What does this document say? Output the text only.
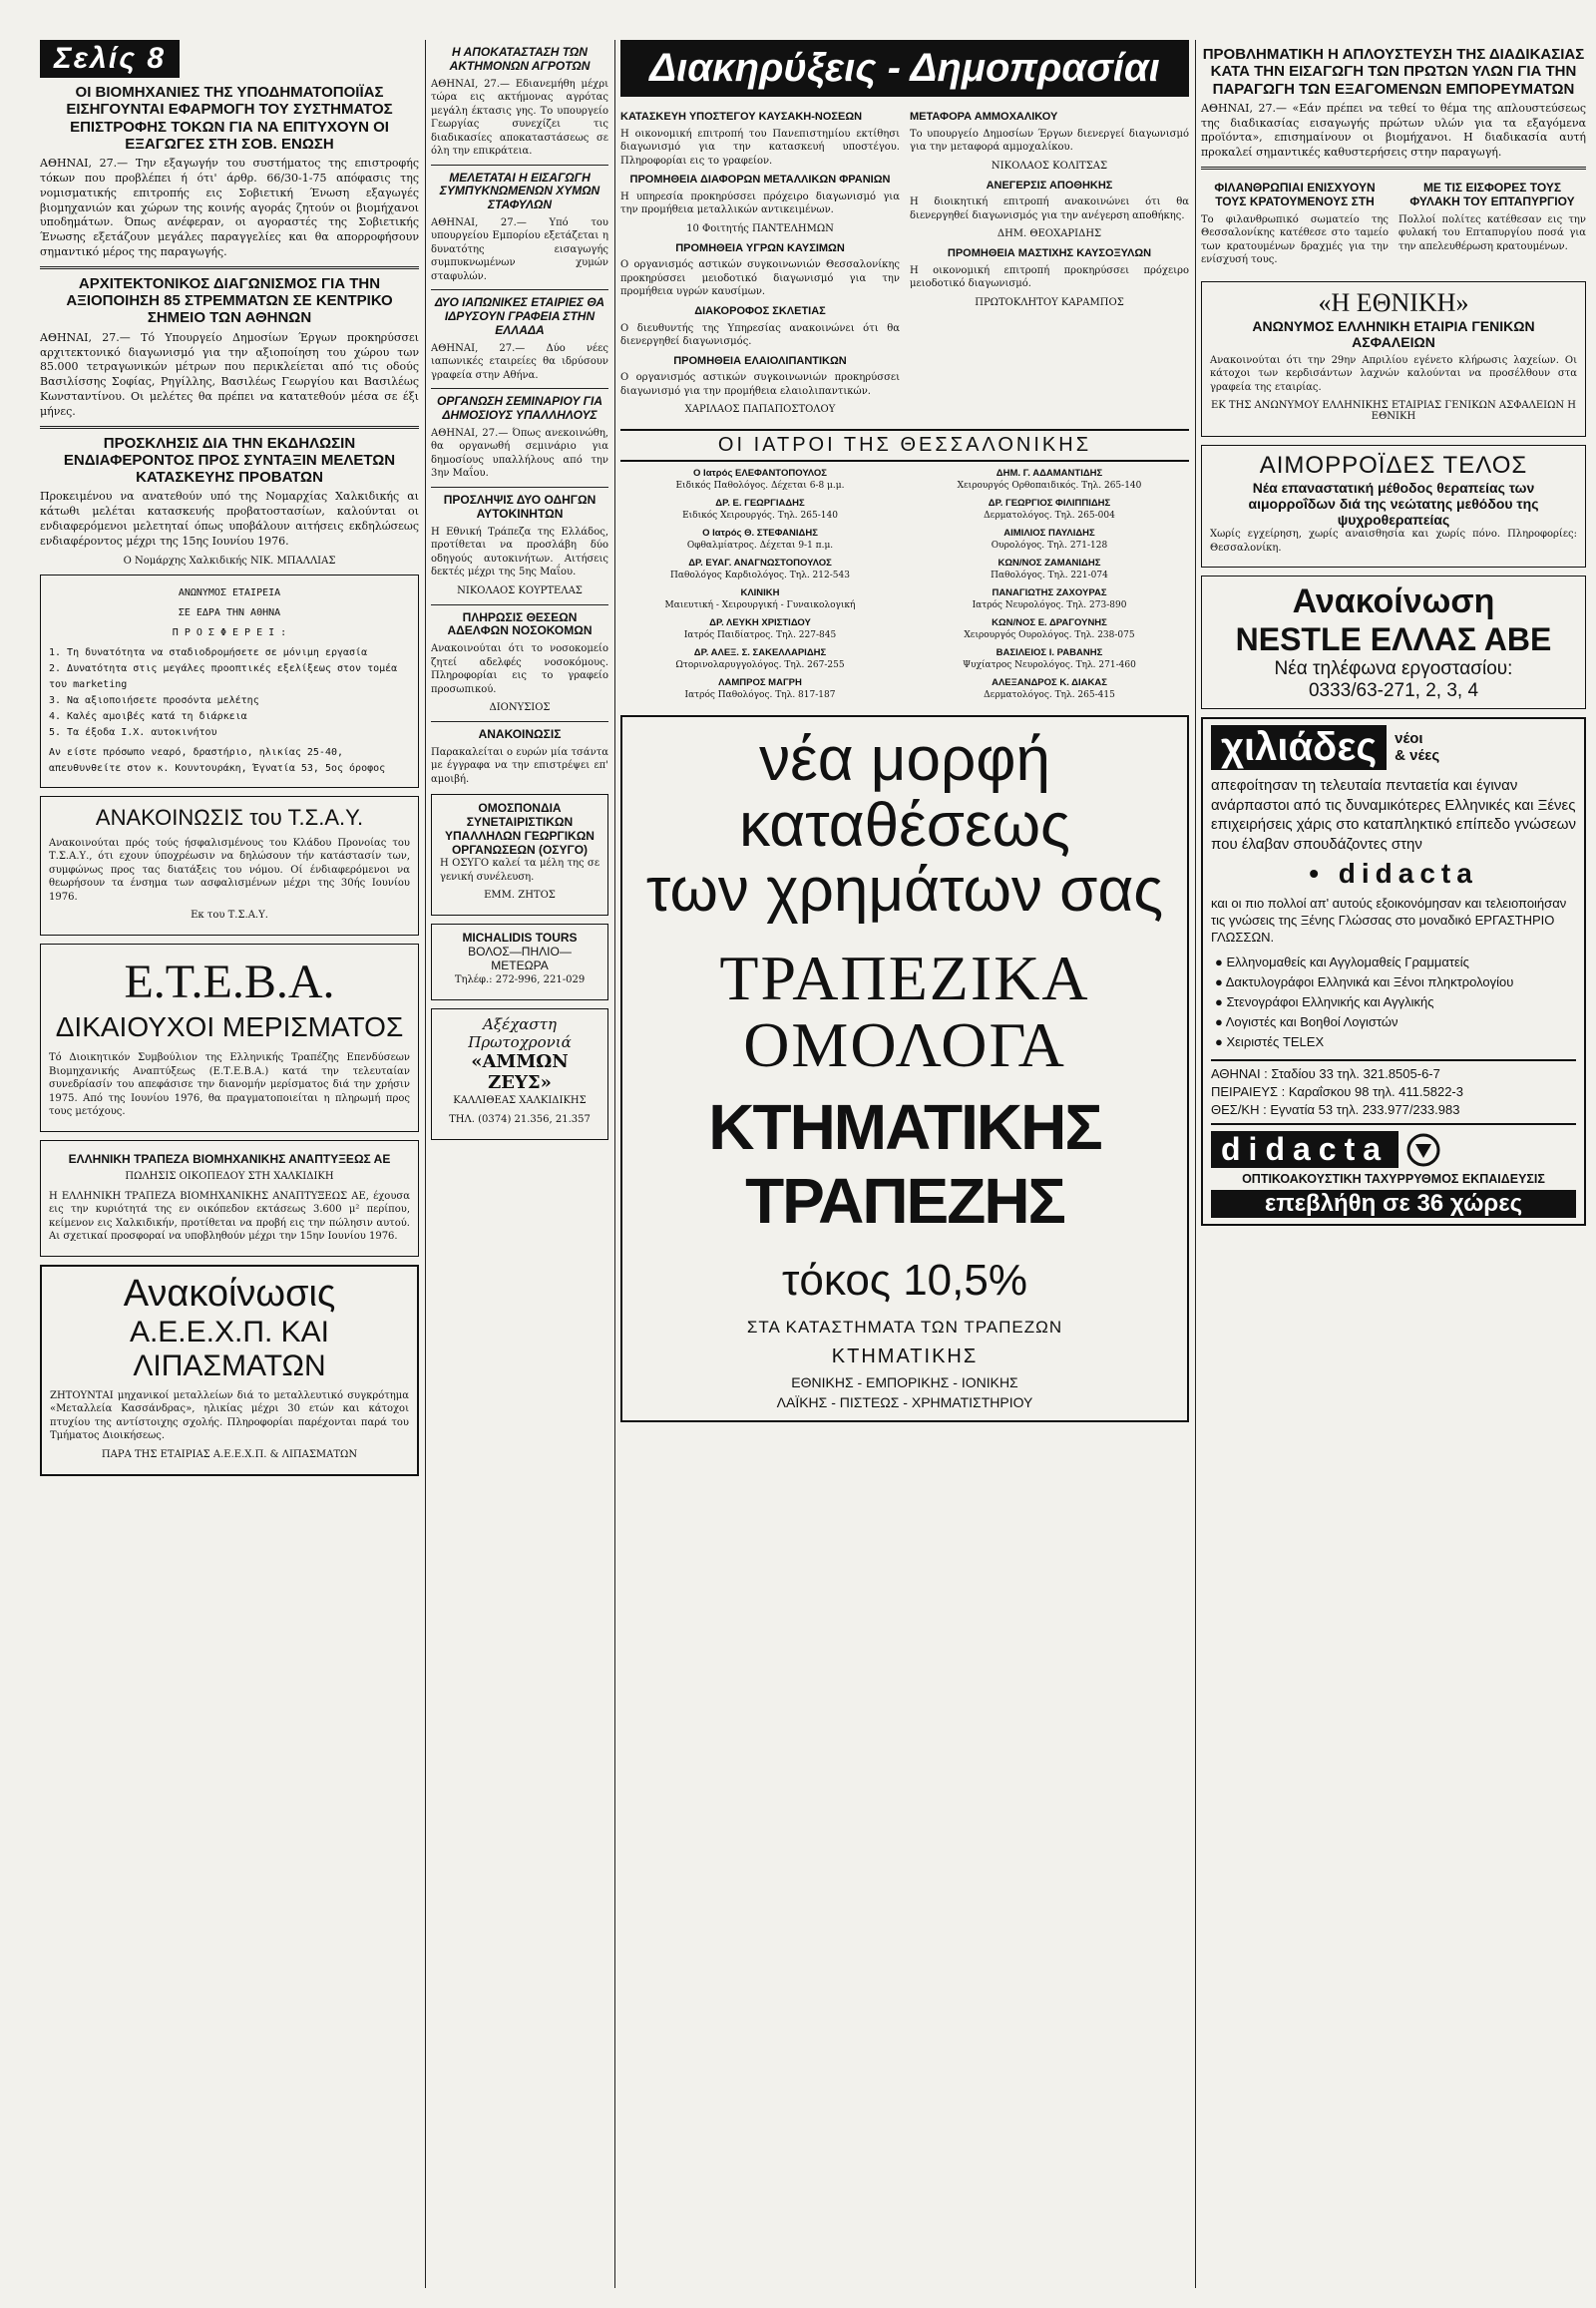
Σελίς 8
ΟΙ ΒΙΟΜΗΧΑΝΙΕΣ ΤΗΣ ΥΠΟΔΗΜΑΤΟΠΟΙΪΑΣ ΕΙΣΗΓΟΥΝΤΑΙ ΕΦΑΡΜΟΓΗ ΤΟΥ ΣΥΣΤΗΜΑΤΟΣ ΕΠΙΣΤΡΟΦΗΣ ΤΟΚΩΝ ΓΙΑ ΝΑ ΕΠΙΤΥΧΟΥΝ ΟΙ ΕΞΑΓΩΓΕΣ ΣΤΗ ΣΟΒ. ΕΝΩΣΗ

ΑΘΗΝΑΙ, 27.— Την εξαγωγήν του συστήματος της επιστροφής τόκων που προβλέπει ή ότι' άρθρ. 66/30-1-75 απόφασις της νομισματικής επιτροπής εις Σοβιετική Ένωση εξαγωγές βιομηχανιών και χώρων της κοινής αγοράς ζητούν οι βιομήχανοι υποδημάτων. Όπως ανέφεραν, οι αγοραστές της Σοβιετικής Ένωσης εξετάζουν μεγάλες παραγγελίες και θα απορροφήσουν σημαντικό μέρος της παραγωγής.

ΑΡΧΙΤΕΚΤΟΝΙΚΟΣ ΔΙΑΓΩΝΙΣΜΟΣ ΓΙΑ ΤΗΝ ΑΞΙΟΠΟΙΗΣΗ 85 ΣΤΡΕΜΜΑΤΩΝ ΣΕ ΚΕΝΤΡΙΚΟ ΣΗΜΕΙΟ ΤΩΝ ΑΘΗΝΩΝ

ΑΘΗΝΑΙ, 27.— Τό Υπουργείο Δημοσίων Έργων προκηρύσσει αρχιτεκτονικό διαγωνισμό για την αξιοποίηση του χώρου των 85.000 τετραγωνικών μέτρων που περικλείεται από τις οδούς Βασιλίσσης Σοφίας, Ρηγίλλης, Βασιλέως Γεωργίου και Βασιλέως Κωνσταντίνου. Οι μελέτες θα πρέπει να κατατεθούν μέσα σε έξι μήνες.

ΠΡΟΣΚΛΗΣΙΣ ΔΙΑ ΤΗΝ ΕΚΔΗΛΩΣΙΝ ΕΝΔΙΑΦΕΡΟΝΤΟΣ ΠΡΟΣ ΣΥΝΤΑΞΙΝ ΜΕΛΕΤΩΝ ΚΑΤΑΣΚΕΥΗΣ ΠΡΟΒΑΤΩΝ

Προκειμένου να ανατεθούν υπό της Νομαρχίας Χαλκιδικής αι κάτωθι μελέται κατασκευής προβατοστασίων, καλούνται οι ενδιαφερόμενοι μελετηταί όπως υποβάλουν αιτήσεις εκδηλώσεως ενδιαφέροντος μέχρι της 15ης Ιουνίου 1976.

Ο Νομάρχης Χαλκιδικής ΝΙΚ. ΜΠΑΛΛΙΑΣ
ΑΝΩΝΥΜΟΣ ΕΤΑΙΡΕΙΑ
ΣΕ ΕΔΡΑ ΤΗΝ ΑΘΗΝΑ
Π Ρ Ο Σ Φ Ε Ρ Ε Ι :
1. Τη δυνατότητα να σταδιοδρομήσετε σε μόνιμη εργασία
2. Δυνατότητα στις μεγάλες προοπτικές εξελίξεως στον τομέα του marketing
3. Να αξιοποιήσετε προσόντα μελέτης
4. Καλές αμοιβές κατά τη διάρκεια
5. Τα έξοδα Ι.Χ. αυτοκινήτου
Αν είστε πρόσωπο νεαρό, δραστήριο, ηλικίας 25-40, απευθυνθείτε στον κ. Κουντουράκη, Έγνατία 53, 5ος όροφος
ΑΝΑΚΟΙΝΩΣΙΣ του Τ.Σ.Α.Υ.

Ανακοινούται πρός τούς ήσφαλισμένους του Κλάδου Προνοίας του Τ.Σ.Α.Υ., ότι εχουν ύποχρέωσιν να δηλώσουν τήν κατάστασίν των, συμφώνως προς τας διατάξεις του νόμου. Οί ένδιαφερόμενοι να θεωρήσουν τα ένσημα των ασφαλισμένων μέχρι της 30ής Ιουνίου 1976.

Εκ του Τ.Σ.Α.Υ.
Ε.Τ.Ε.Β.Α.
ΔΙΚΑΙΟΥΧΟΙ ΜΕΡΙΣΜΑΤΟΣ

Τό Διοικητικόν Συμβούλιον της Ελληνικής Τραπέζης Επενδύσεων Βιομηχανικής Αναπτύξεως (Ε.Τ.Ε.Β.Α.) κατά την τελευταίαν συνεδρίασίν του απεφάσισε την διανομήν μερίσματος διά την χρήσιν 1975. Από της Ιουνίου 1976, θα πραγματοποιείται η πληρωμή προς τους μετόχους.

ΕΛΛΗΝΙΚΗ ΤΡΑΠΕΖΑ ΒΙΟΜΗΧΑΝΙΚΗΣ ΑΝΑΠΤΥΞΕΩΣ ΑΕ
ΠΩΛΗΣΙΣ ΟΙΚΟΠΕΔΟΥ ΣΤΗ ΧΑΛΚΙΔΙΚΗ

Η ΕΛΛΗΝΙΚΗ ΤΡΑΠΕΖΑ ΒΙΟΜΗΧΑΝΙΚΗΣ ΑΝΑΠΤΥΞΕΩΣ ΑΕ, έχουσα εις την κυριότητά της εν οικόπεδον εκτάσεως 3.600 μ² περίπου, κείμενον εις Χαλκιδικήν, προτίθεται να προβή εις την πώλησιν αυτού. Αι σχετικαί προσφοραί να υποβληθούν μέχρι την 15ην Ιουνίου 1976.

Ανακοίνωσις
Α.Ε.Ε.Χ.Π. ΚΑΙ ΛΙΠΑΣΜΑΤΩΝ

ΖΗΤΟΥΝΤΑΙ μηχανικοί μεταλλείων διά το μεταλλευτικό συγκρότημα «Μεταλλεία Κασσάνδρας», ηλικίας μέχρι 30 ετών και κάτοχοι πτυχίου της αντίστοιχης σχολής. Πληροφορίαι παρέχονται παρά του Τμήματος Διοικήσεως.

ΠΑΡΑ ΤΗΣ ΕΤΑΙΡΙΑΣ Α.Ε.Ε.Χ.Π. & ΛΙΠΑΣΜΑΤΩΝ
Η ΑΠΟΚΑΤΑΣΤΑΣΗ ΤΩΝ ΑΚΤΗΜΟΝΩΝ ΑΓΡΟΤΩΝ

ΑΘΗΝΑΙ, 27.— Εδιανεμήθη μέχρι τώρα εις ακτήμονας αγρότας μεγάλη έκτασις γης. Το υπουργείο Γεωργίας συνεχίζει τις διαδικασίες αποκαταστάσεως σε όλη την επικράτεια.

ΜΕΛΕΤΑΤΑΙ Η ΕΙΣΑΓΩΓΗ ΣΥΜΠΥΚΝΩΜΕΝΩΝ ΧΥΜΩΝ ΣΤΑΦΥΛΩΝ

ΑΘΗΝΑΙ, 27.— Υπό του υπουργείου Εμπορίου εξετάζεται η δυνατότης εισαγωγής συμπυκνωμένων χυμών σταφυλών.

ΔΥΟ ΙΑΠΩΝΙΚΕΣ ΕΤΑΙΡΙΕΣ ΘΑ ΙΔΡΥΣΟΥΝ ΓΡΑΦΕΙΑ ΣΤΗΝ ΕΛΛΑΔΑ

ΑΘΗΝΑΙ, 27.— Δύο νέες ιαπωνικές εταιρείες θα ιδρύσουν γραφεία στην Αθήνα.

ΟΡΓΑΝΩΣΗ ΣΕΜΙΝΑΡΙΟΥ ΓΙΑ ΔΗΜΟΣΙΟΥΣ ΥΠΑΛΛΗΛΟΥΣ

ΑΘΗΝΑΙ, 27.— Όπως ανεκοινώθη, θα οργανωθή σεμινάριο για δημοσίους υπαλλήλους από την 3ην Μαΐου.

ΠΡΟΣΛΗΨΙΣ ΔΥΟ ΟΔΗΓΩΝ ΑΥΤΟΚΙΝΗΤΩΝ

Η Εθνική Τράπεζα της Ελλάδος, προτίθεται να προσλάβη δύο οδηγούς αυτοκινήτων. Αιτήσεις δεκτές μέχρι της 5ης Μαΐου.

ΝΙΚΟΛΑΟΣ ΚΟΥΡΤΕΛΑΣ
ΠΛΗΡΩΣΙΣ ΘΕΣΕΩΝ ΑΔΕΛΦΩΝ ΝΟΣΟΚΟΜΩΝ

Ανακοινούται ότι το νοσοκομείο ζητεί αδελφές νοσοκόμους. Πληροφορίαι εις το γραφείο προσωπικού.

ΔΙΟΝΥΣΙΟΣ
ΑΝΑΚΟΙΝΩΣΙΣ

Παρακαλείται ο ευρών μία τσάντα με έγγραφα να την επιστρέψει επ' αμοιβή.

ΟΜΟΣΠΟΝΔΙΑ ΣΥΝΕΤΑΙΡΙΣΤΙΚΩΝ ΥΠΑΛΛΗΛΩΝ ΓΕΩΡΓΙΚΩΝ ΟΡΓΑΝΩΣΕΩΝ (ΟΣΥΓΟ)

Η ΟΣΥΓΟ καλεί τα μέλη της σε γενική συνέλευση.

ΕΜΜ. ΖΗΤΟΣ
MICHALIDIS TOURS
ΒΟΛΟΣ—ΠΗΛΙΟ—ΜΕΤΕΩΡΑ
Τηλέφ.: 272-996, 221-029
Αξέχαστη
Πρωτοχρονιά
«ΑΜΜΩΝ ΖΕΥΣ»
ΚΑΛΛΙΘΕΑΣ ΧΑΛΚΙΔΙΚΗΣ
ΤΗΛ. (0374) 21.356, 21.357
Διακηρύξεις - Δημοπρασίαι
ΚΑΤΑΣΚΕΥΗ ΥΠΟΣΤΕΓΟΥ ΚΑΥΣΑΚΗ-ΝΟΣΕΩΝ

Η οικονομική επιτροπή του Πανεπιστημίου εκτίθησι διαγωνισμό για την κατασκευή υποστέγου. Πληροφορίαι εις το γραφείον.

ΠΡΟΜΗΘΕΙΑ ΔΙΑΦΟΡΩΝ ΜΕΤΑΛΛΙΚΩΝ ΦΡΑΝΙΩΝ

Η υπηρεσία προκηρύσσει πρόχειρο διαγωνισμό για την προμήθεια μεταλλικών αντικειμένων.

10 Φοιτητής ΠΑΝΤΕΛΗΜΩΝ
ΠΡΟΜΗΘΕΙΑ ΥΓΡΩΝ ΚΑΥΣΙΜΩΝ

Ο οργανισμός αστικών συγκοινωνιών Θεσσαλονίκης προκηρύσσει μειοδοτικό διαγωνισμό για την προμήθεια υγρών καυσίμων.

ΔΙΑΚΟΡΟΦΟΣ ΣΚΛΕΤΙΑΣ

Ο διευθυντής της Υπηρεσίας ανακοινώνει ότι θα διενεργηθεί διαγωνισμός.

ΠΡΟΜΗΘΕΙΑ ΕΛΑΙΟΛΙΠΑΝΤΙΚΩΝ

Ο οργανισμός αστικών συγκοινωνιών προκηρύσσει διαγωνισμό για την προμήθεια ελαιολιπαντικών.

ΧΑΡΙΛΑΟΣ ΠΑΠΑΠΟΣΤΟΛΟΥ
ΜΕΤΑΦΟΡΑ ΑΜΜΟΧΑΛΙΚΟΥ

Το υπουργείο Δημοσίων Έργων διενεργεί διαγωνισμό για την μεταφορά αμμοχαλίκου.

ΝΙΚΟΛΑΟΣ ΚΟΛΙΤΣΑΣ
ΑΝΕΓΕΡΣΙΣ ΑΠΟΘΗΚΗΣ

Η διοικητική επιτροπή ανακοινώνει ότι θα διενεργηθεί διαγωνισμός για την ανέγερση αποθήκης.

ΔΗΜ. ΘΕΟΧΑΡΙΔΗΣ
ΠΡΟΜΗΘΕΙΑ ΜΑΣΤΙΧΗΣ ΚΑΥΣΟΞΥΛΩΝ

Η οικονομική επιτροπή προκηρύσσει πρόχειρο μειοδοτικό διαγωνισμό.

ΠΡΩΤΟΚΛΗΤΟΥ ΚΑΡΑΜΠΟΣ
ΟΙ ΙΑΤΡΟΙ ΤΗΣ ΘΕΣΣΑΛΟΝΙΚΗΣ
Ο Ιατρός ΕΛΕΦΑΝΤΟΠΟΥΛΟΣ
Ειδικός Παθολόγος. Δέχεται 6-8 μ.μ.
ΔΡ. Ε. ΓΕΩΡΓΙΑΔΗΣ
Ειδικός Χειρουργός. Τηλ. 265-140
Ο Ιατρός Θ. ΣΤΕΦΑΝΙΔΗΣ
Οφθαλμίατρος. Δέχεται 9-1 π.μ.
ΔΡ. ΕΥΑΓ. ΑΝΑΓΝΩΣΤΟΠΟΥΛΟΣ
Παθολόγος Καρδιολόγος. Τηλ. 212-543
ΚΛΙΝΙΚΗ
Μαιευτική - Χειρουργική - Γυναικολογική
ΔΡ. ΛΕΥΚΗ ΧΡΙΣΤΙΔΟΥ
Ιατρός Παιδίατρος. Τηλ. 227-845
ΔΡ. ΑΛΕΞ. Σ. ΣΑΚΕΛΛΑΡΙΔΗΣ
Ωτορινολαρυγγολόγος. Τηλ. 267-255
ΛΑΜΠΡΟΣ ΜΑΓΡΗ
Ιατρός Παθολόγος. Τηλ. 817-187
ΔΗΜ. Γ. ΑΔΑΜΑΝΤΙΔΗΣ
Χειρουργός Ορθοπαιδικός. Τηλ. 265-140
ΔΡ. ΓΕΩΡΓΙΟΣ ΦΙΛΙΠΠΙΔΗΣ
Δερματολόγος. Τηλ. 265-004
ΑΙΜΙΛΙΟΣ ΠΑΥΛΙΔΗΣ
Ουρολόγος. Τηλ. 271-128
ΚΩΝ/ΝΟΣ ΖΑΜΑΝΙΔΗΣ
Παθολόγος. Τηλ. 221-074
ΠΑΝΑΓΙΩΤΗΣ ΖΑΧΟΥΡΑΣ
Ιατρός Νευρολόγος. Τηλ. 273-890
ΚΩΝ/ΝΟΣ Ε. ΔΡΑΓΟΥΝΗΣ
Χειρουργός Ουρολόγος. Τηλ. 238-075
ΒΑΣΙΛΕΙΟΣ Ι. ΡΑΒΑΝΗΣ
Ψυχίατρος Νευρολόγος. Τηλ. 271-460
ΑΛΕΞΑΝΔΡΟΣ Κ. ΔΙΑΚΑΣ
Δερματολόγος. Τηλ. 265-415
νέα μορφή
καταθέσεως
των χρημάτων σας
ΤΡΑΠΕΖΙΚΑ
ΟΜΟΛΟΓΑ
ΚΤΗΜΑΤΙΚΗΣ ΤΡΑΠΕΖΗΣ
τόκος 10,5%
ΣΤΑ ΚΑΤΑΣΤΗΜΑΤΑ ΤΩΝ ΤΡΑΠΕΖΩΝ
ΚΤΗΜΑΤΙΚΗΣ
ΕΘΝΙΚΗΣ - ΕΜΠΟΡΙΚΗΣ - ΙΟΝΙΚΗΣ
ΛΑΪΚΗΣ - ΠΙΣΤΕΩΣ - ΧΡΗΜΑΤΙΣΤΗΡΙΟΥ
ΠΡΟΒΛΗΜΑΤΙΚΗ Η ΑΠΛΟΥΣΤΕΥΣΗ ΤΗΣ ΔΙΑΔΙΚΑΣΙΑΣ ΚΑΤΑ ΤΗΝ ΕΙΣΑΓΩΓΗ ΤΩΝ ΠΡΩΤΩΝ ΥΛΩΝ ΓΙΑ ΤΗΝ ΠΑΡΑΓΩΓΗ ΤΩΝ ΕΞΑΓΟΜΕΝΩΝ ΕΜΠΟΡΕΥΜΑΤΩΝ

ΑΘΗΝΑΙ, 27.— «Εάν πρέπει να τεθεί το θέμα της απλουστεύσεως της διαδικασίας εισαγωγής πρώτων υλών για τα εξαγόμενα προϊόντα», επισημαίνουν οι βιομήχανοι. Η διαδικασία αυτή προκαλεί σημαντικές καθυστερήσεις στην παραγωγή.

ΦΙΛΑΝΘΡΩΠΙΑΙ ΕΝΙΣΧΥΟΥΝ ΤΟΥΣ ΚΡΑΤΟΥΜΕΝΟΥΣ ΣΤΗ

Το φιλανθρωπικό σωματείο της Θεσσαλονίκης κατέθεσε στο ταμείο των κρατουμένων δραχμές για την ενίσχυσή τους.

ΜΕ ΤΙΣ ΕΙΣΦΟΡΕΣ ΤΟΥΣ ΦΥΛΑΚΗ ΤΟΥ ΕΠΤΑΠΥΡΓΙΟΥ

Πολλοί πολίτες κατέθεσαν εις την φυλακή του Επταπυργίου ποσά για την απελευθέρωση κρατουμένων.

«Η ΕΘΝΙΚΗ»
ΑΝΩΝΥΜΟΣ ΕΛΛΗΝΙΚΗ ΕΤΑΙΡΙΑ ΓΕΝΙΚΩΝ ΑΣΦΑΛΕΙΩΝ

Ανακοινούται ότι την 29ην Απριλίου εγένετο κλήρωσις λαχείων. Οι κάτοχοι των κερδισάντων λαχνών καλούνται να προσέλθουν στα γραφεία της εταιρίας.

ΕΚ ΤΗΣ ΑΝΩΝΥΜΟΥ ΕΛΛΗΝΙΚΗΣ ΕΤΑΙΡΙΑΣ ΓΕΝΙΚΩΝ ΑΣΦΑΛΕΙΩΝ Η ΕΘΝΙΚΗ
ΑΙΜΟΡΡΟΪΔΕΣ ΤΕΛΟΣ
Νέα επαναστατική μέθοδος θεραπείας των αιμορροΐδων διά της νεώτατης μεθόδου της ψυχροθεραπείας

Χωρίς εγχείρηση, χωρίς αναισθησία και χωρίς πόνο. Πληροφορίες: Θεσσαλονίκη.

Ανακοίνωση
NESTLE ΕΛΛΑΣ ΑΒΕ
Νέα τηλέφωνα εργοστασίου:
0333/63-271, 2, 3, 4
χιλιάδες	νέοι
& νέες
απεφοίτησαν τη τελευταία πενταετία και έγιναν ανάρπαστοι από τις δυναμικότερες Ελληνικές και Ξένες επιχειρήσεις χάρις στο καταπληκτικό επίπεδο γνώσεων που έλαβαν σπουδάζοντες στην
• didacta
και οι πιο πολλοί απ' αυτούς εξοικονόμησαν και τελειοποιήσαν τις γνώσεις της Ξένης Γλώσσας στο μοναδικό ΕΡΓΑΣΤΗΡΙΟ ΓΛΩΣΣΩΝ.
● Ελληνομαθείς και Αγγλομαθείς Γραμματείς
● Δακτυλογράφοι Ελληνικά και Ξένοι πληκτρολογίου
● Στενογράφοι Ελληνικής και Αγγλικής
● Λογιστές και Βοηθοί Λογιστών
● Χειριστές TELEX
ΑΘΗΝΑΙ : Σταδίου 33 τηλ. 321.8505-6-7
ΠΕΙΡΑΙΕΥΣ : Καραΐσκου 98 τηλ. 411.5822-3
ΘΕΣ/ΚΗ : Εγνατία 53 τηλ. 233.977/233.983
didacta
ΟΠΤΙΚΟΑΚΟΥΣΤΙΚΗ ΤΑΧΥΡΡΥΘΜΟΣ ΕΚΠΑΙΔΕΥΣΙΣ
επεβλήθη σε 36 χώρες
